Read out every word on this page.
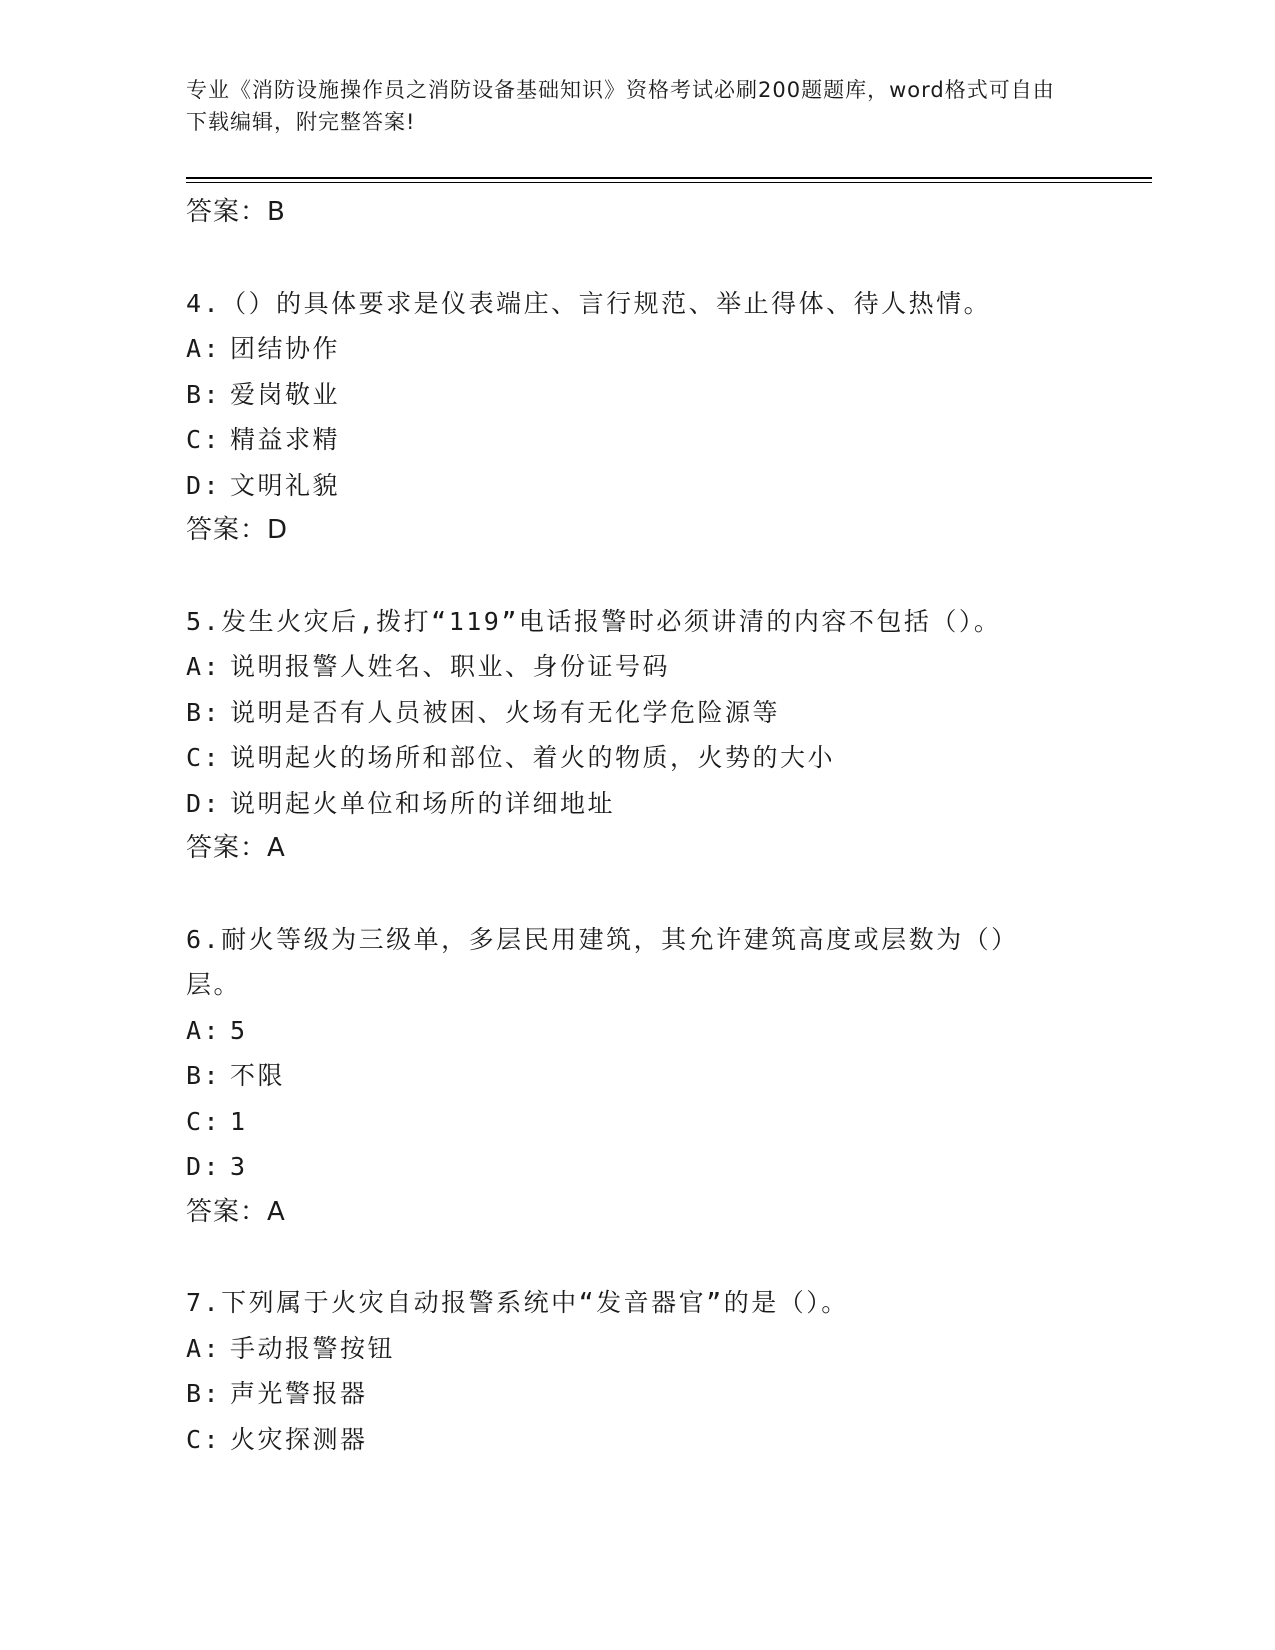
专业《消防设施操作员之消防设备基础知识》资格考试必刷200题题库，word格式可自由下载编辑，附完整答案!

答案：B

4.（）的具体要求是仪表端庄、言行规范、举止得体、待人热情。

A: 团结协作

B: 爱岗敬业

C: 精益求精

D: 文明礼貌

答案：D

5.发生火灾后,拨打“119”电话报警时必须讲清的内容不包括（）。

A: 说明报警人姓名、职业、身份证号码

B: 说明是否有人员被困、火场有无化学危险源等

C: 说明起火的场所和部位、着火的物质，火势的大小

D: 说明起火单位和场所的详细地址

答案：A

6.耐火等级为三级单，多层民用建筑，其允许建筑高度或层数为（）

层。

A: 5

B: 不限

C: 1

D: 3

答案：A

7.下列属于火灾自动报警系统中“发音器官”的是（）。

A: 手动报警按钮

B: 声光警报器

C: 火灾探测器
